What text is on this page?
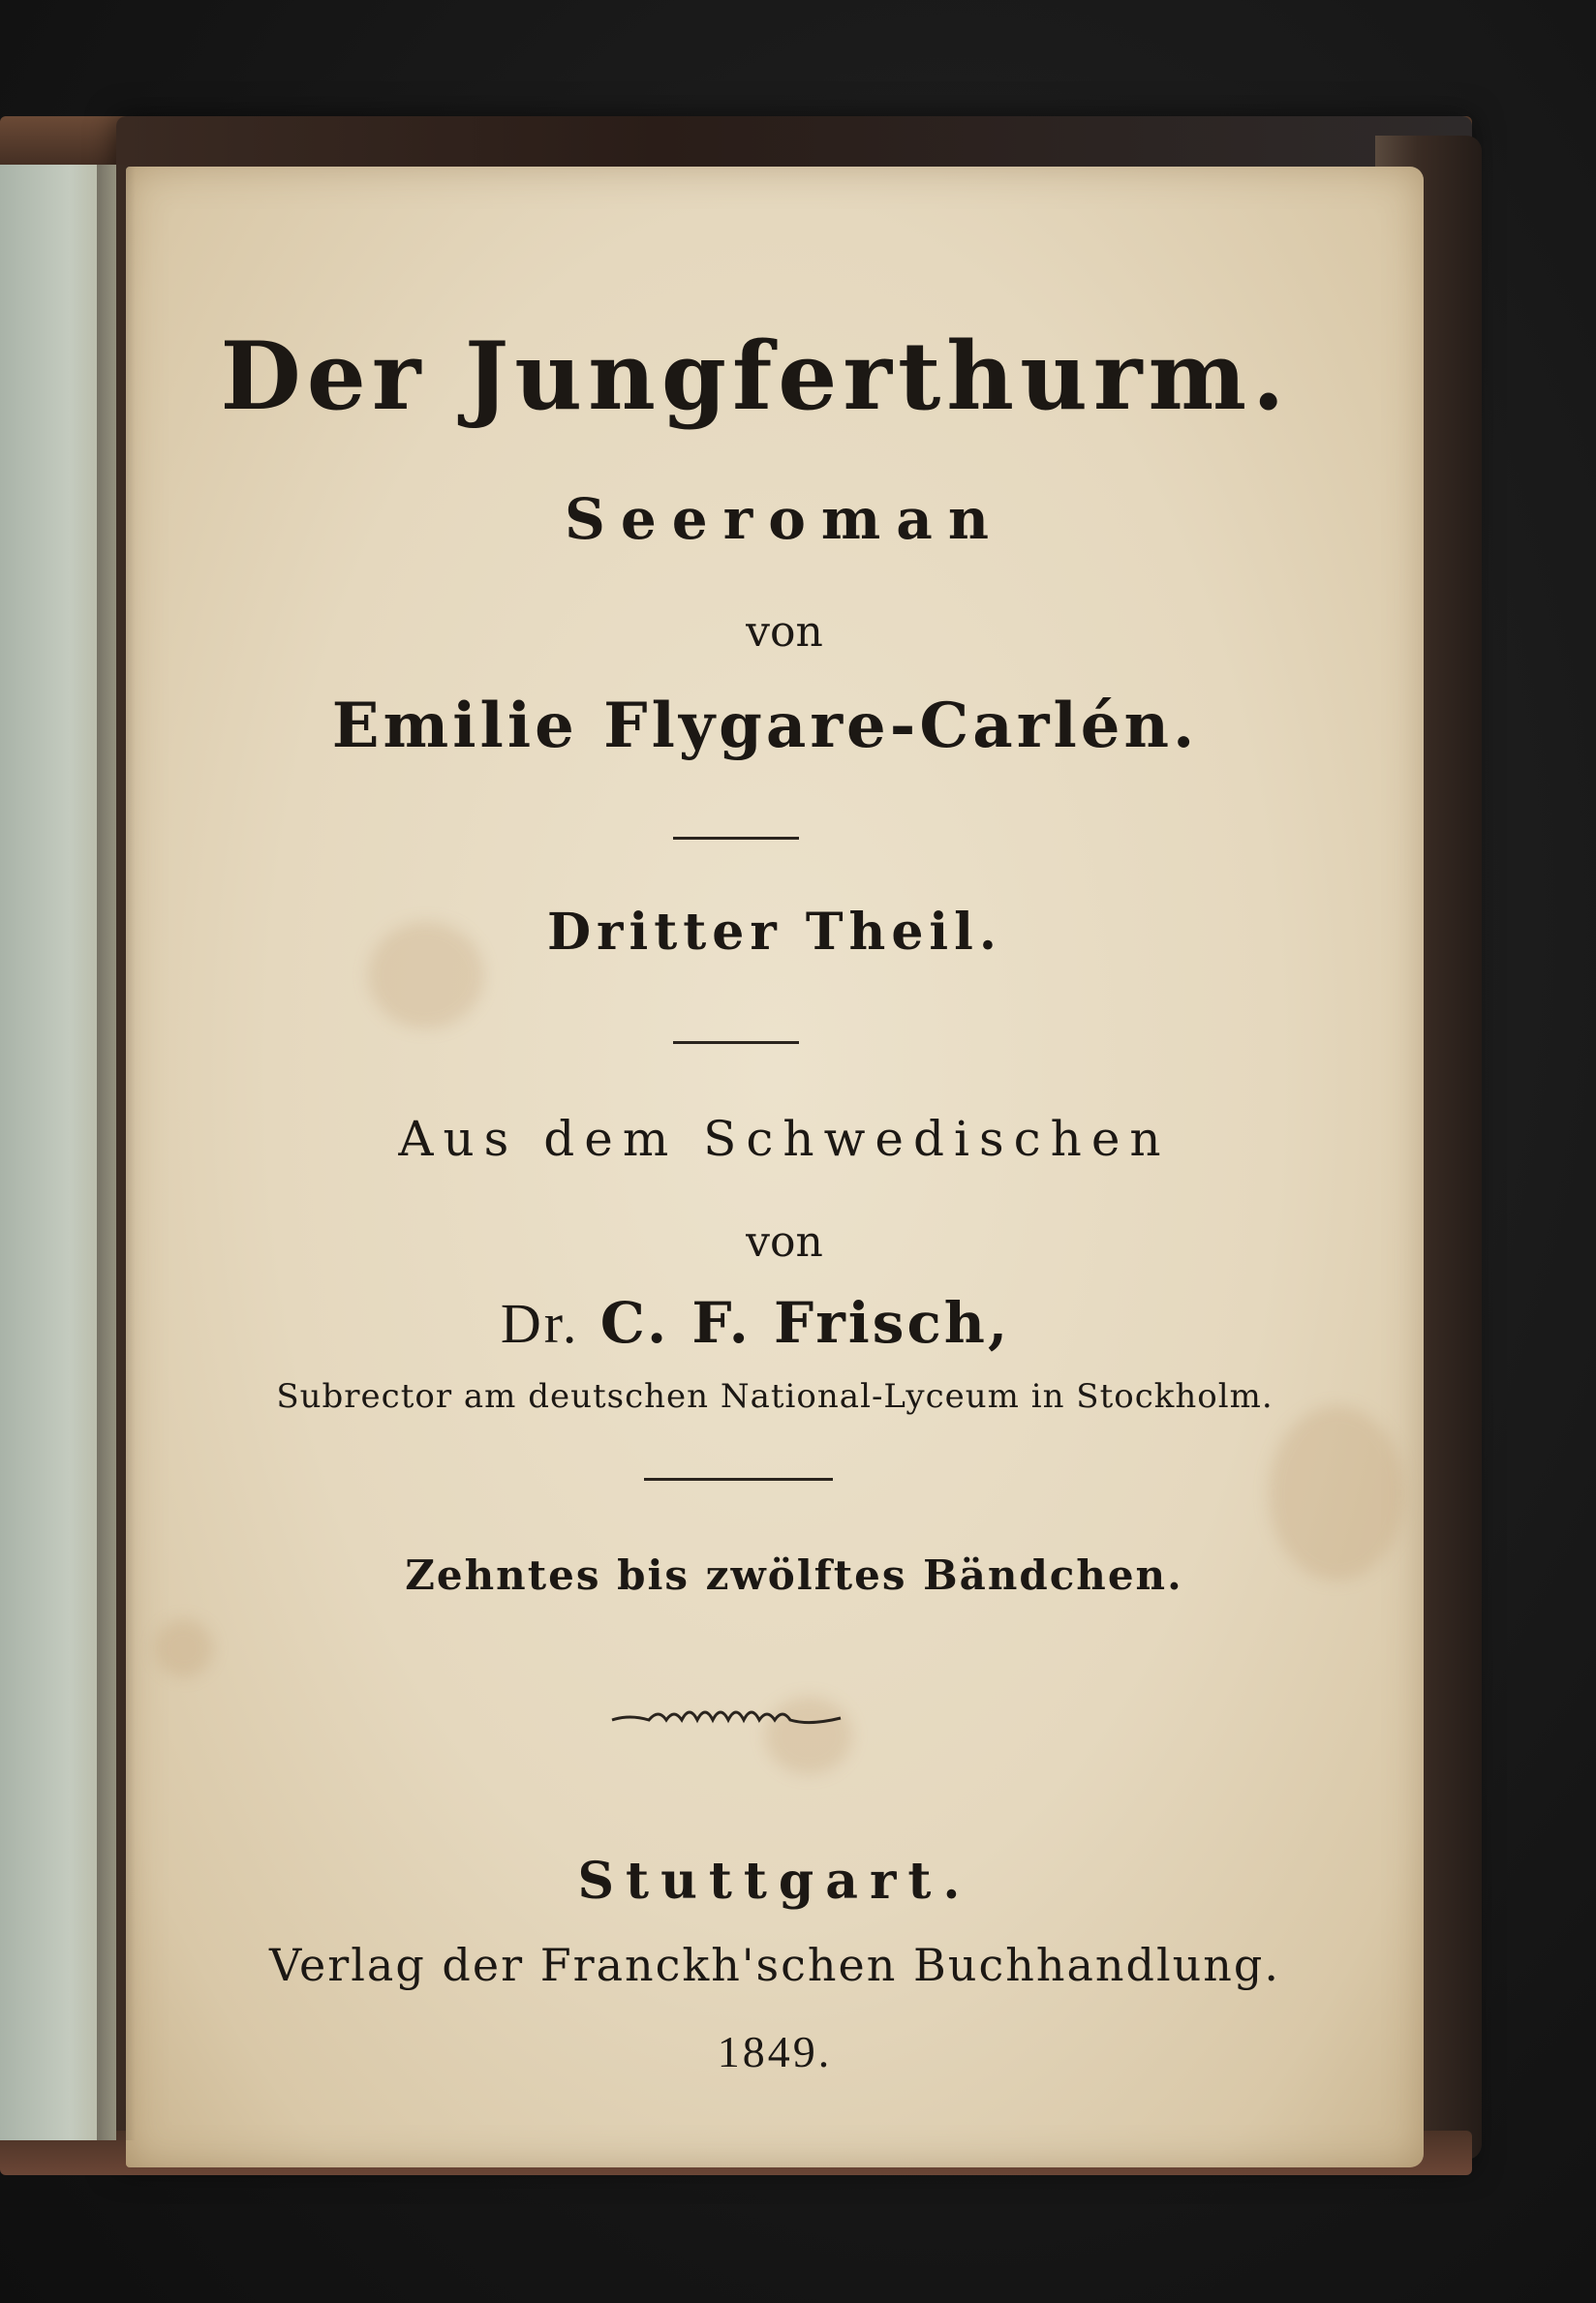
Der Jungferthurm.
Seeroman
von
Emilie Flygare-Carlén.
Dritter Theil.
Aus dem Schwedischen
von
Dr. C. F. Frisch,
Subrector am deutschen National-Lyceum in Stockholm.
Zehntes bis zwölftes Bändchen.
Stuttgart.
Verlag der Franckh'schen Buchhandlung.
1849.
